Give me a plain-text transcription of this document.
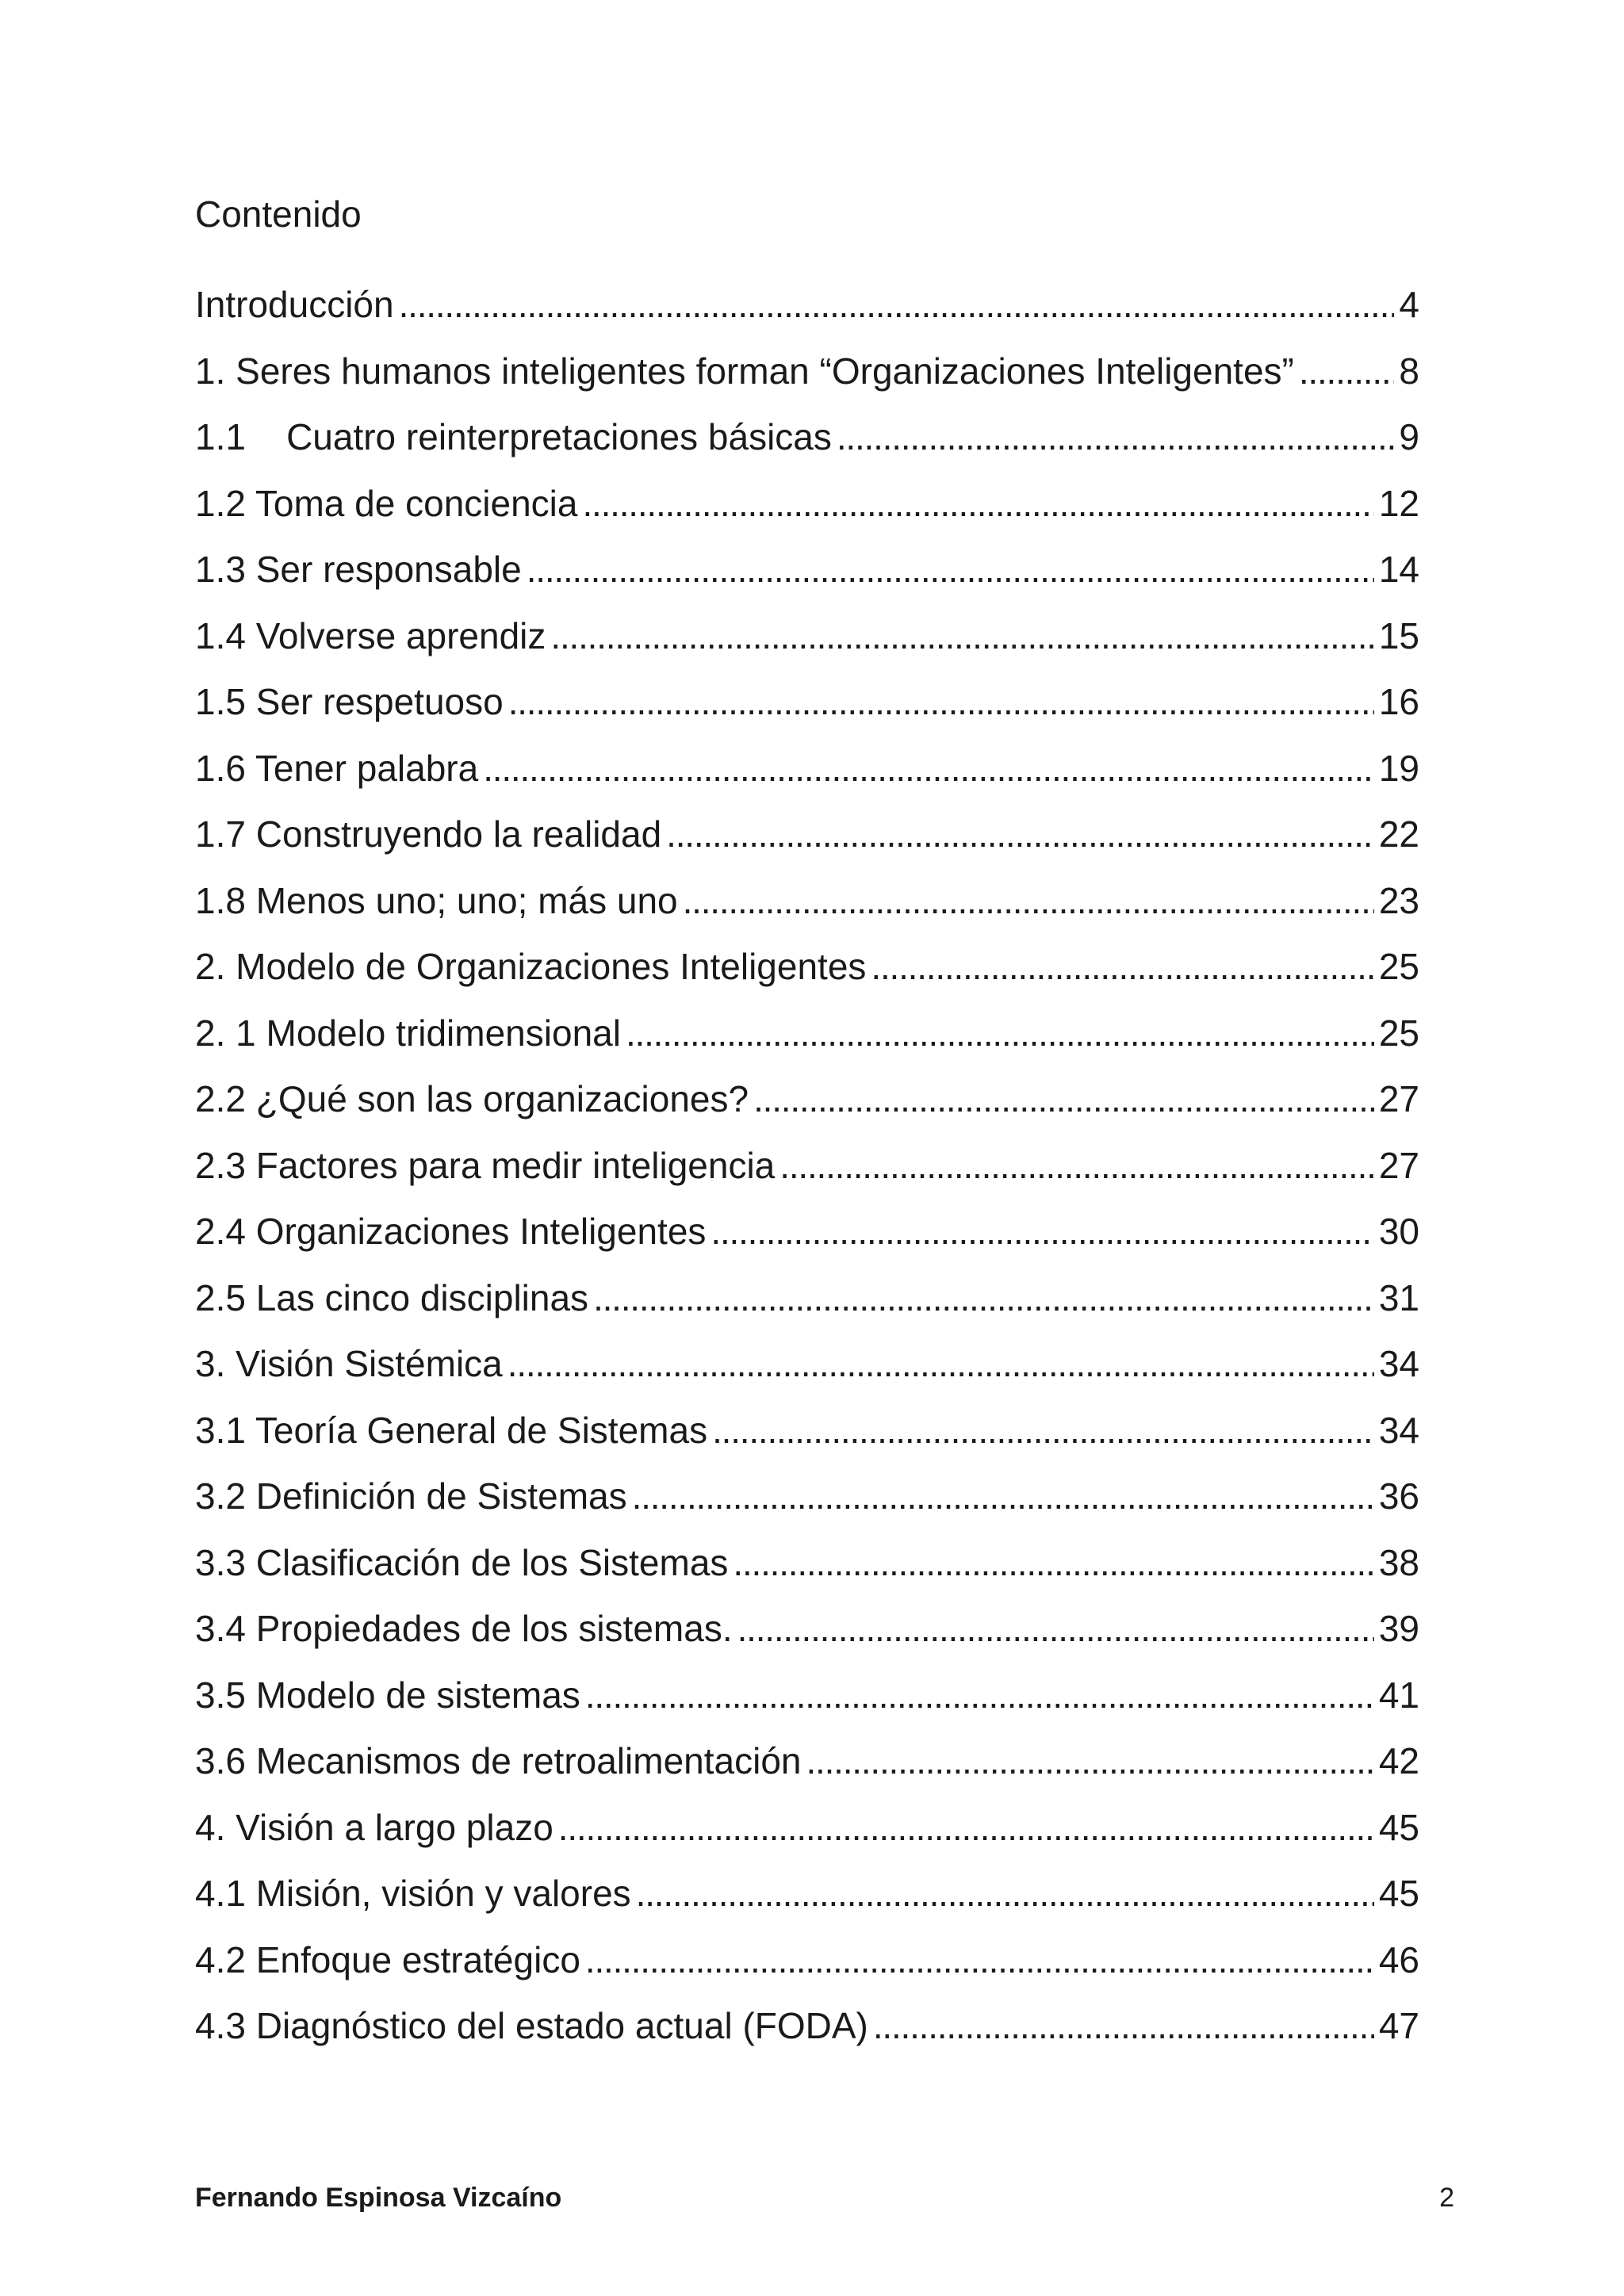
Contenido
Introducción . . .	4
1. Seres humanos inteligentes forman “Organizaciones Inteligentes” . . .	8
1.1    Cuatro reinterpretaciones básicas . . .	9
1.2 Toma de conciencia . . .	12
1.3 Ser responsable . . .	14
1.4 Volverse aprendiz . . .	15
1.5 Ser respetuoso . . .	16
1.6 Tener palabra . . .	19
1.7 Construyendo la realidad . . .	22
1.8 Menos uno; uno; más uno . . .	23
2. Modelo de Organizaciones Inteligentes . . .	25
2. 1 Modelo tridimensional . . .	25
2.2 ¿Qué son las organizaciones? . . .	27
2.3 Factores para medir inteligencia . . .	27
2.4 Organizaciones Inteligentes . . .	30
2.5 Las cinco disciplinas . . .	31
3. Visión Sistémica . . .	34
3.1 Teoría General de Sistemas . . .	34
3.2 Definición de Sistemas . . .	36
3.3 Clasificación de los Sistemas . . .	38
3.4 Propiedades de los sistemas. . . .	39
3.5 Modelo de sistemas . . .	41
3.6 Mecanismos de retroalimentación . . .	42
4. Visión a largo plazo . . .	45
4.1 Misión, visión y valores . . .	45
4.2 Enfoque estratégico . . .	46
4.3 Diagnóstico del estado actual (FODA) . . .	47
Fernando Espinosa Vizcaíno	2
